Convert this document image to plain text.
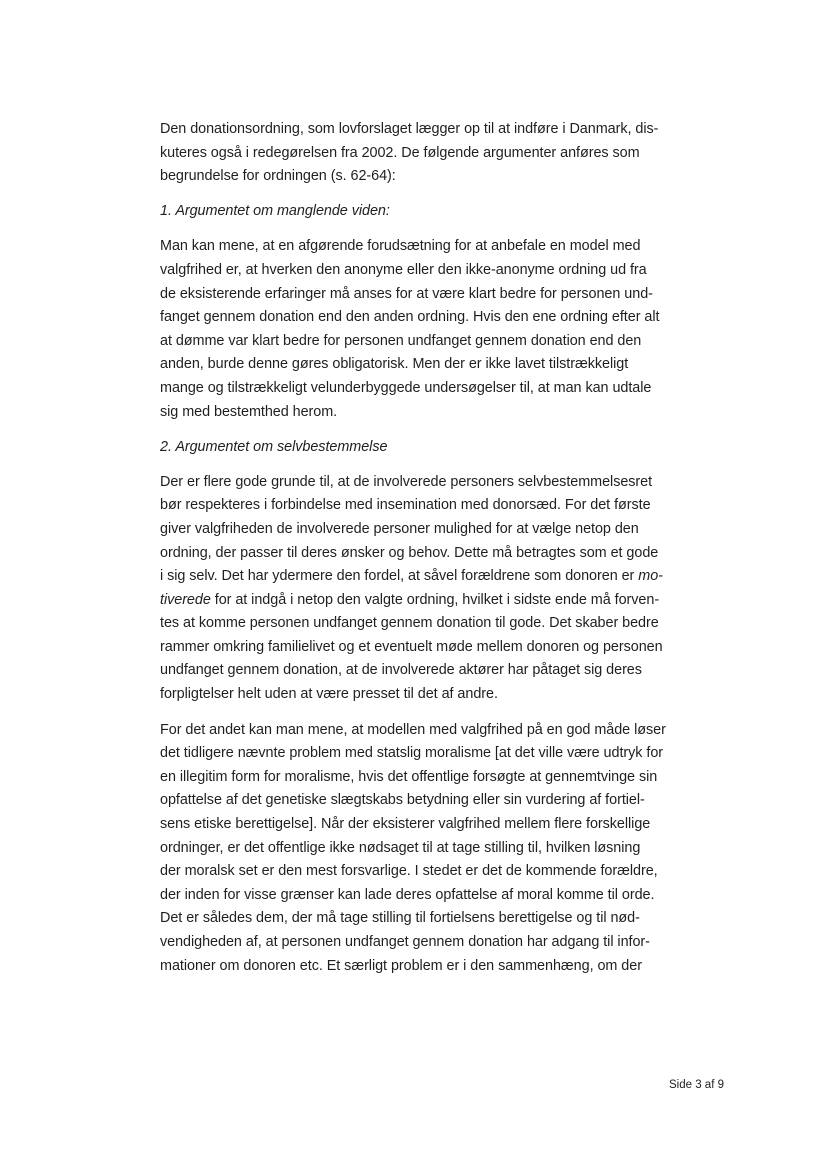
Den donationsordning, som lovforslaget lægger op til at indføre i Danmark, dis-
kuteres også i redegørelsen fra 2002. De følgende argumenter anføres som
begrundelse for ordningen (s. 62-64):
1. Argumentet om manglende viden:
Man kan mene, at en afgørende forudsætning for at anbefale en model med
valgfrihed er, at hverken den anonyme eller den ikke-anonyme ordning ud fra
de eksisterende erfaringer må anses for at være klart bedre for personen und-
fanget gennem donation end den anden ordning. Hvis den ene ordning efter alt
at dømme var klart bedre for personen undfanget gennem donation end den
anden, burde denne gøres obligatorisk. Men der er ikke lavet tilstrækkeligt
mange og tilstrækkeligt velunderbyggede undersøgelser til, at man kan udtale
sig med bestemthed herom.
2. Argumentet om selvbestemmelse
Der er flere gode grunde til, at de involverede personers selvbestemmelsesret
bør respekteres i forbindelse med insemination med donorsæd. For det første
giver valgfriheden de involverede personer mulighed for at vælge netop den
ordning, der passer til deres ønsker og behov. Dette må betragtes som et gode
i sig selv. Det har ydermere den fordel, at såvel forældrene som donoren er mo-
tiverede for at indgå i netop den valgte ordning, hvilket i sidste ende må forven-
tes at komme personen undfanget gennem donation til gode. Det skaber bedre
rammer omkring familielivet og et eventuelt møde mellem donoren og personen
undfanget gennem donation, at de involverede aktører har påtaget sig deres
forpligtelser helt uden at være presset til det af andre.
For det andet kan man mene, at modellen med valgfrihed på en god måde løser
det tidligere nævnte problem med statslig moralisme [at det ville være udtryk for
en illegitim form for moralisme, hvis det offentlige forsøgte at gennemtvinge sin
opfattelse af det genetiske slægtskabs betydning eller sin vurdering af fortiel-
sens etiske berettigelse]. Når der eksisterer valgfrihed mellem flere forskellige
ordninger, er det offentlige ikke nødsaget til at tage stilling til, hvilken løsning
der moralsk set er den mest forsvarlige. I stedet er det de kommende forældre,
der inden for visse grænser kan lade deres opfattelse af moral komme til orde.
Det er således dem, der må tage stilling til fortielsens berettigelse og til nød-
vendigheden af, at personen undfanget gennem donation har adgang til infor-
mationer om donoren etc. Et særligt problem er i den sammenhæng, om der
Side 3 af 9
